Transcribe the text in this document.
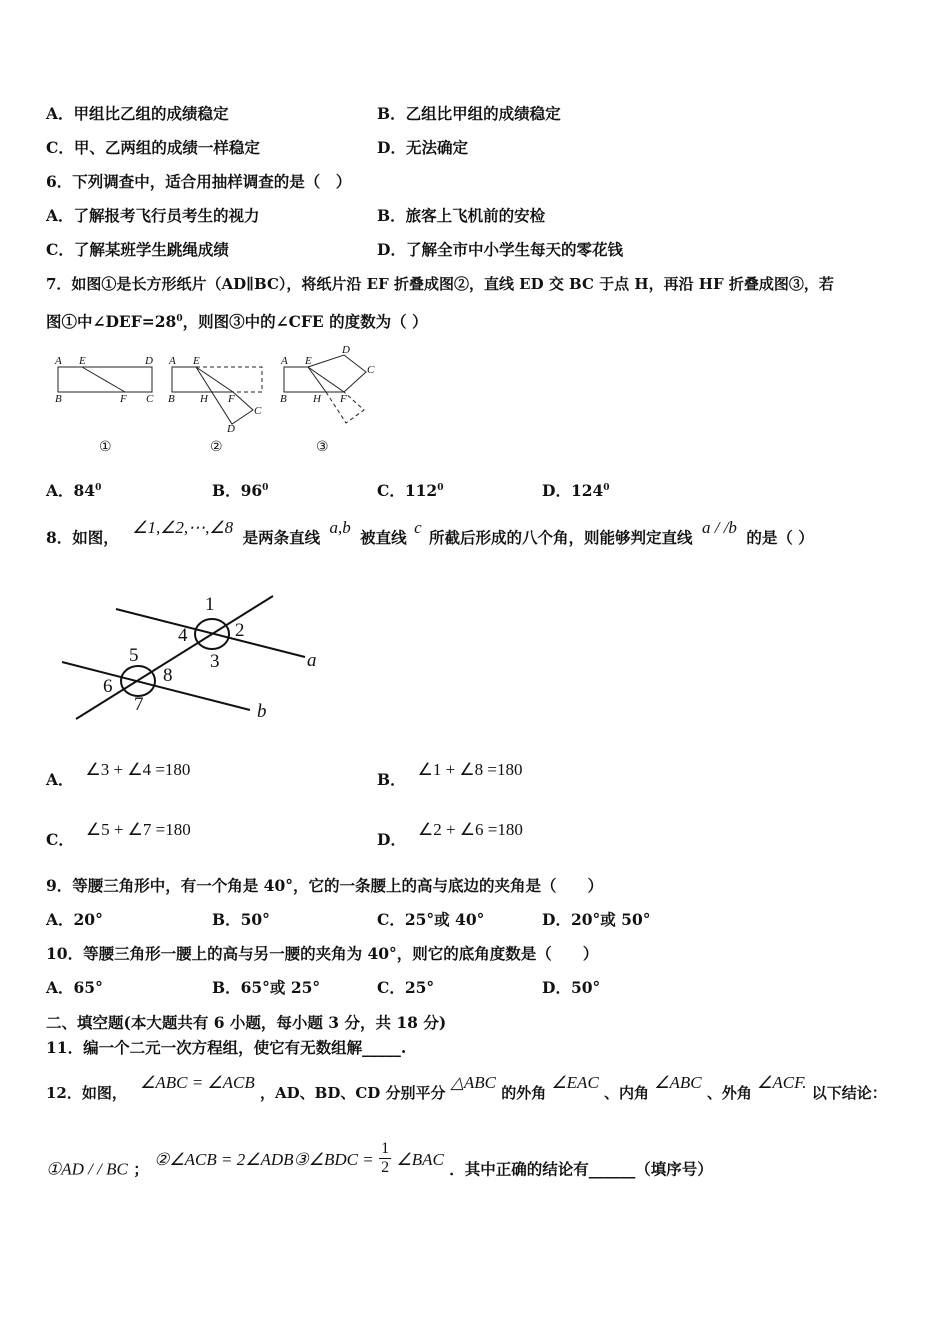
A．甲组比乙组的成绩稳定	B．乙组比甲组的成绩稳定
C．甲、乙两组的成绩一样稳定	D．无法确定
6．下列调查中，适合用抽样调查的是（　）
A．了解报考飞行员考生的视力	B．旅客上飞机前的安检
C．了解某班学生跳绳成绩	D．了解全市中小学生每天的零花钱
7．如图①是长方形纸片（AD∥BC），将纸片沿 EF 折叠成图②，直线 ED 交 BC 于点 H，再沿 HF 折叠成图③，若
图①中$\angle DEF=28^0$，则图③中的∠CFE 的度数为（ ）
A E	D
B	F C
①
A E
B H F
C
D
②
A E
D
C
B H F
③
A．$84^0$	B．$96^0$	C．$112^0$	D．$124^0$
8．如图， ∠1,∠2,⋯,∠8 是两条直线 a,b 被直线 c 所截后形成的八个角，则能够判定直线 a / /b 的是（ ）
1
2
3
4
5
6
7
8
a
b
A．∠3 + ∠4 =180
B．∠1 + ∠8 =180
C．∠5 + ∠7 =180
D．∠2 + ∠6 =180
9．等腰三角形中，有一个角是 40°，它的一条腰上的高与底边的夹角是（　　）
A．20°	B．50°	C．25°或 40°	D．20°或 50°
10．等腰三角形一腰上的高与另一腰的夹角为 40°，则它的底角度数是（　　）
A．65°	B．65°或 25°	C．25°	D．50°
二、填空题(本大题共有 6 小题，每小题 3 分，共 18 分)
11．编一个二元一次方程组，使它有无数组解_____.
12．如图， ∠ABC = ∠ACB ，AD、BD、CD 分别平分 △ABC 的外角 ∠EAC 、内角 ∠ABC 、外角 ∠ACF. 以下结论：
①AD / / BC ； ②∠ACB = 2∠ADB③∠BDC = $\frac{1}{2}$ ∠BAC ．其中正确的结论有______（填序号）
